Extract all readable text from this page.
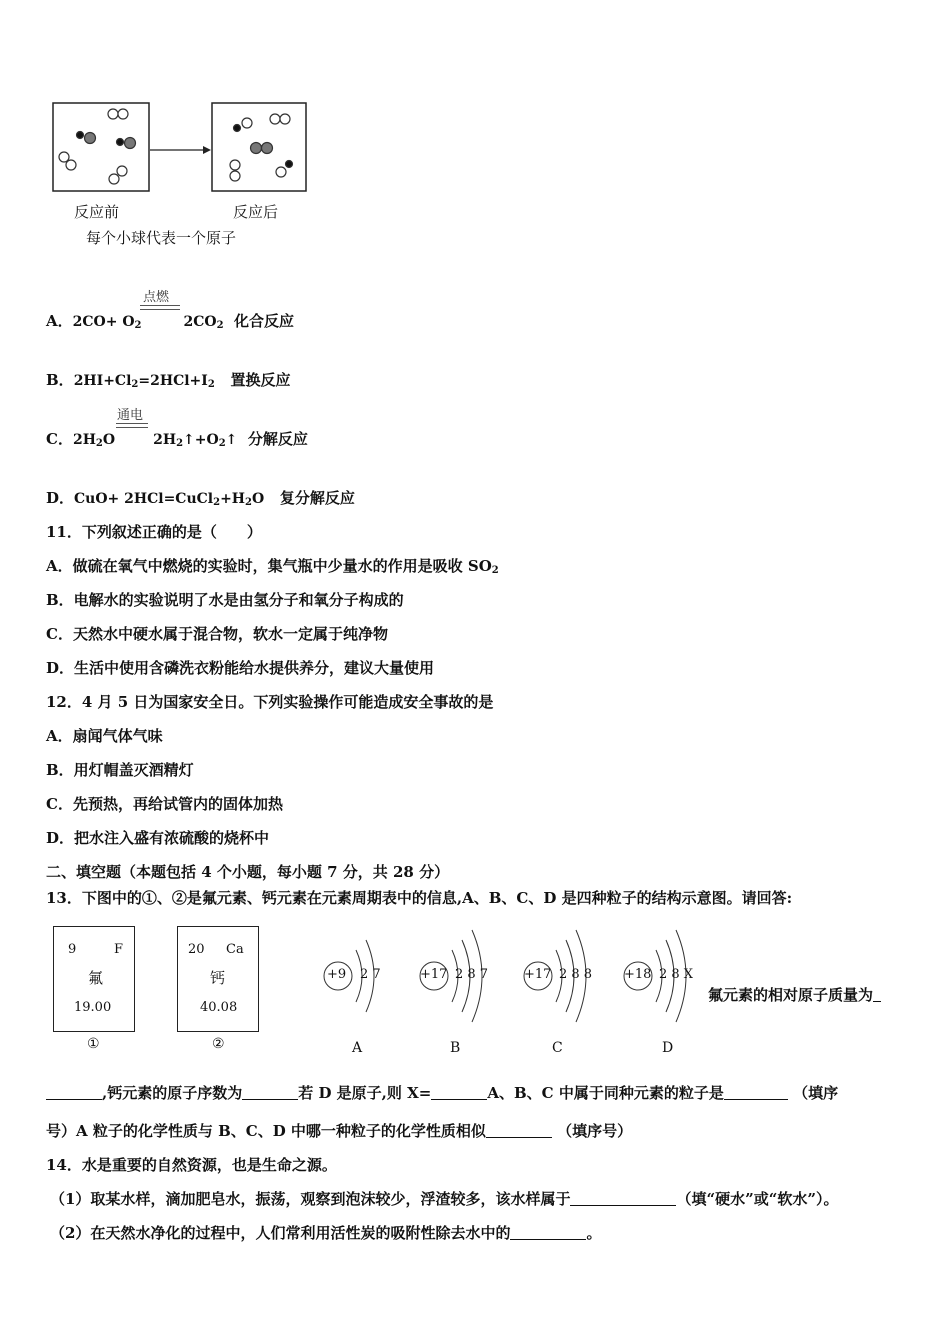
反应前	反应后
每个小球代表一个原子
点燃
A．$2CO+ O_2$	$2CO_2$ 化合反应
B．$2HI+Cl_2=2HCl+I_2$ 置换反应
通电
C．$2H_2O$	$2H_2↑+O_2↑$ 分解反应
D．$CuO+ 2HCl=CuCl_2+H_2O$ 复分解反应
11．下列叙述正确的是（　　）
A．做硫在氧气中燃烧的实验时，集气瓶中少量水的作用是吸收 $SO_2$
B．电解水的实验说明了水是由氢分子和氧分子构成的
C．天然水中硬水属于混合物，软水一定属于纯净物
D．生活中使用含磷洗衣粉能给水提供养分，建议大量使用
12．4 月 5 日为国家安全日。下列实验操作可能造成安全事故的是
A．扇闻气体气味
B．用灯帽盖灭酒精灯
C．先预热，再给试管内的固体加热
D．把水注入盛有浓硫酸的烧杯中
二、填空题（本题包括 4 个小题，每小题 7 分，共 28 分）
13．下图中的①、②是氟元素、钙元素在元素周期表中的信息,A、B、C、D 是四种粒子的结构示意图。请回答:
9	F
氟
19.00
①
20 Ca
钙
40.08
②
+9 2 7
A
+17 2 8 7
B
+17 2 8 8
C
+18 2 8 X
D
氟元素的相对原子质量为
,钙元素的原子序数为	若 D 是原子,则 X=	A、B、C 中属于同种元素的粒子是	（填序
号）A 粒子的化学性质与 B、C、D 中哪一种粒子的化学性质相似	（填序号）
14．水是重要的自然资源，也是生命之源。
（1）取某水样，滴加肥皂水，振荡，观察到泡沫较少，浮渣较多，该水样属于	（填“硬水”或“软水”）。
（2）在天然水净化的过程中，人们常利用活性炭的吸附性除去水中的	。
